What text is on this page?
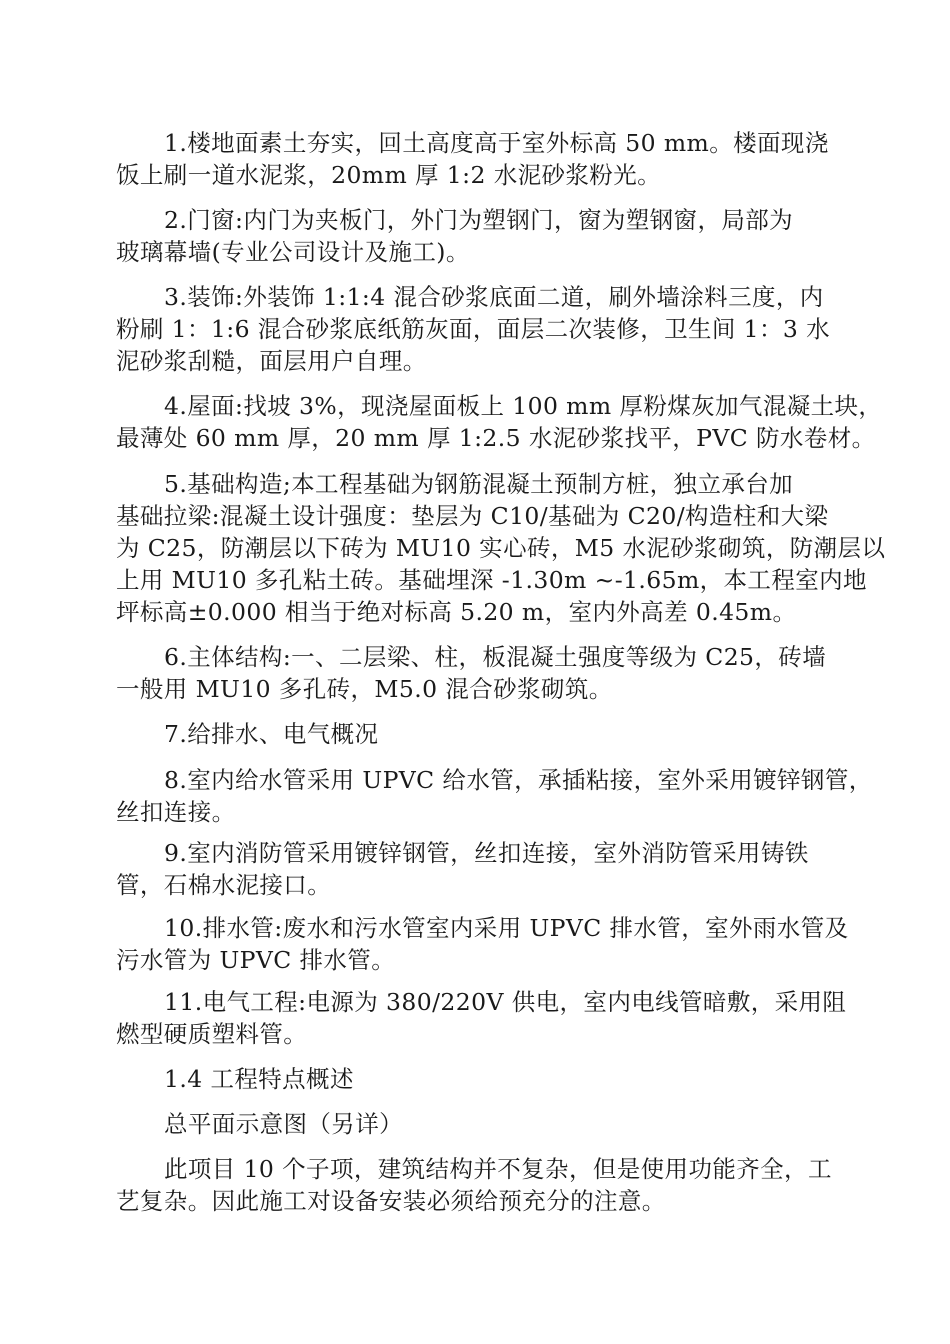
1.楼地面素土夯实，回土高度高于室外标高 50 mm。楼面现浇
饭上刷一道水泥浆，20mm 厚 1:2 水泥砂浆粉光。

2.门窗:内门为夹板门，外门为塑钢门，窗为塑钢窗，局部为
玻璃幕墙(专业公司设计及施工)。

3.装饰:外装饰 1:1:4 混合砂浆底面二道，刷外墙涂料三度，内
粉刷 1：1:6 混合砂浆底纸筋灰面，面层二次装修，卫生间 1：3 水
泥砂浆刮糙，面层用户自理。

4.屋面:找坡 3%，现浇屋面板上 100 mm 厚粉煤灰加气混凝土块，
最薄处 60 mm 厚，20 mm 厚 1:2.5 水泥砂浆找平，PVC 防水卷材。

5.基础构造;本工程基础为钢筋混凝土预制方桩，独立承台加
基础拉梁:混凝土设计强度：垫层为 C10/基础为 C20/构造柱和大梁
为 C25，防潮层以下砖为 MU10 实心砖，M5 水泥砂浆砌筑，防潮层以
上用 MU10 多孔粘土砖。基础埋深 -1.30m ~-1.65m，本工程室内地
坪标高±0.000 相当于绝对标高 5.20 m，室内外高差 0.45m。

6.主体结构:一、二层梁、柱，板混凝土强度等级为 C25，砖墙
一般用 MU10 多孔砖，M5.0 混合砂浆砌筑。

7.给排水、电气概况

8.室内给水管采用 UPVC 给水管，承插粘接，室外采用镀锌钢管，
丝扣连接。

9.室内消防管采用镀锌钢管，丝扣连接，室外消防管采用铸铁
管，石棉水泥接口。

10.排水管:废水和污水管室内采用 UPVC 排水管，室外雨水管及
污水管为 UPVC 排水管。

11.电气工程:电源为 380/220V 供电，室内电线管暗敷，采用阻
燃型硬质塑料管。

1.4 工程特点概述

总平面示意图（另详）

此项目 10 个子项，建筑结构并不复杂，但是使用功能齐全，工
艺复杂。因此施工对设备安装必须给预充分的注意。
